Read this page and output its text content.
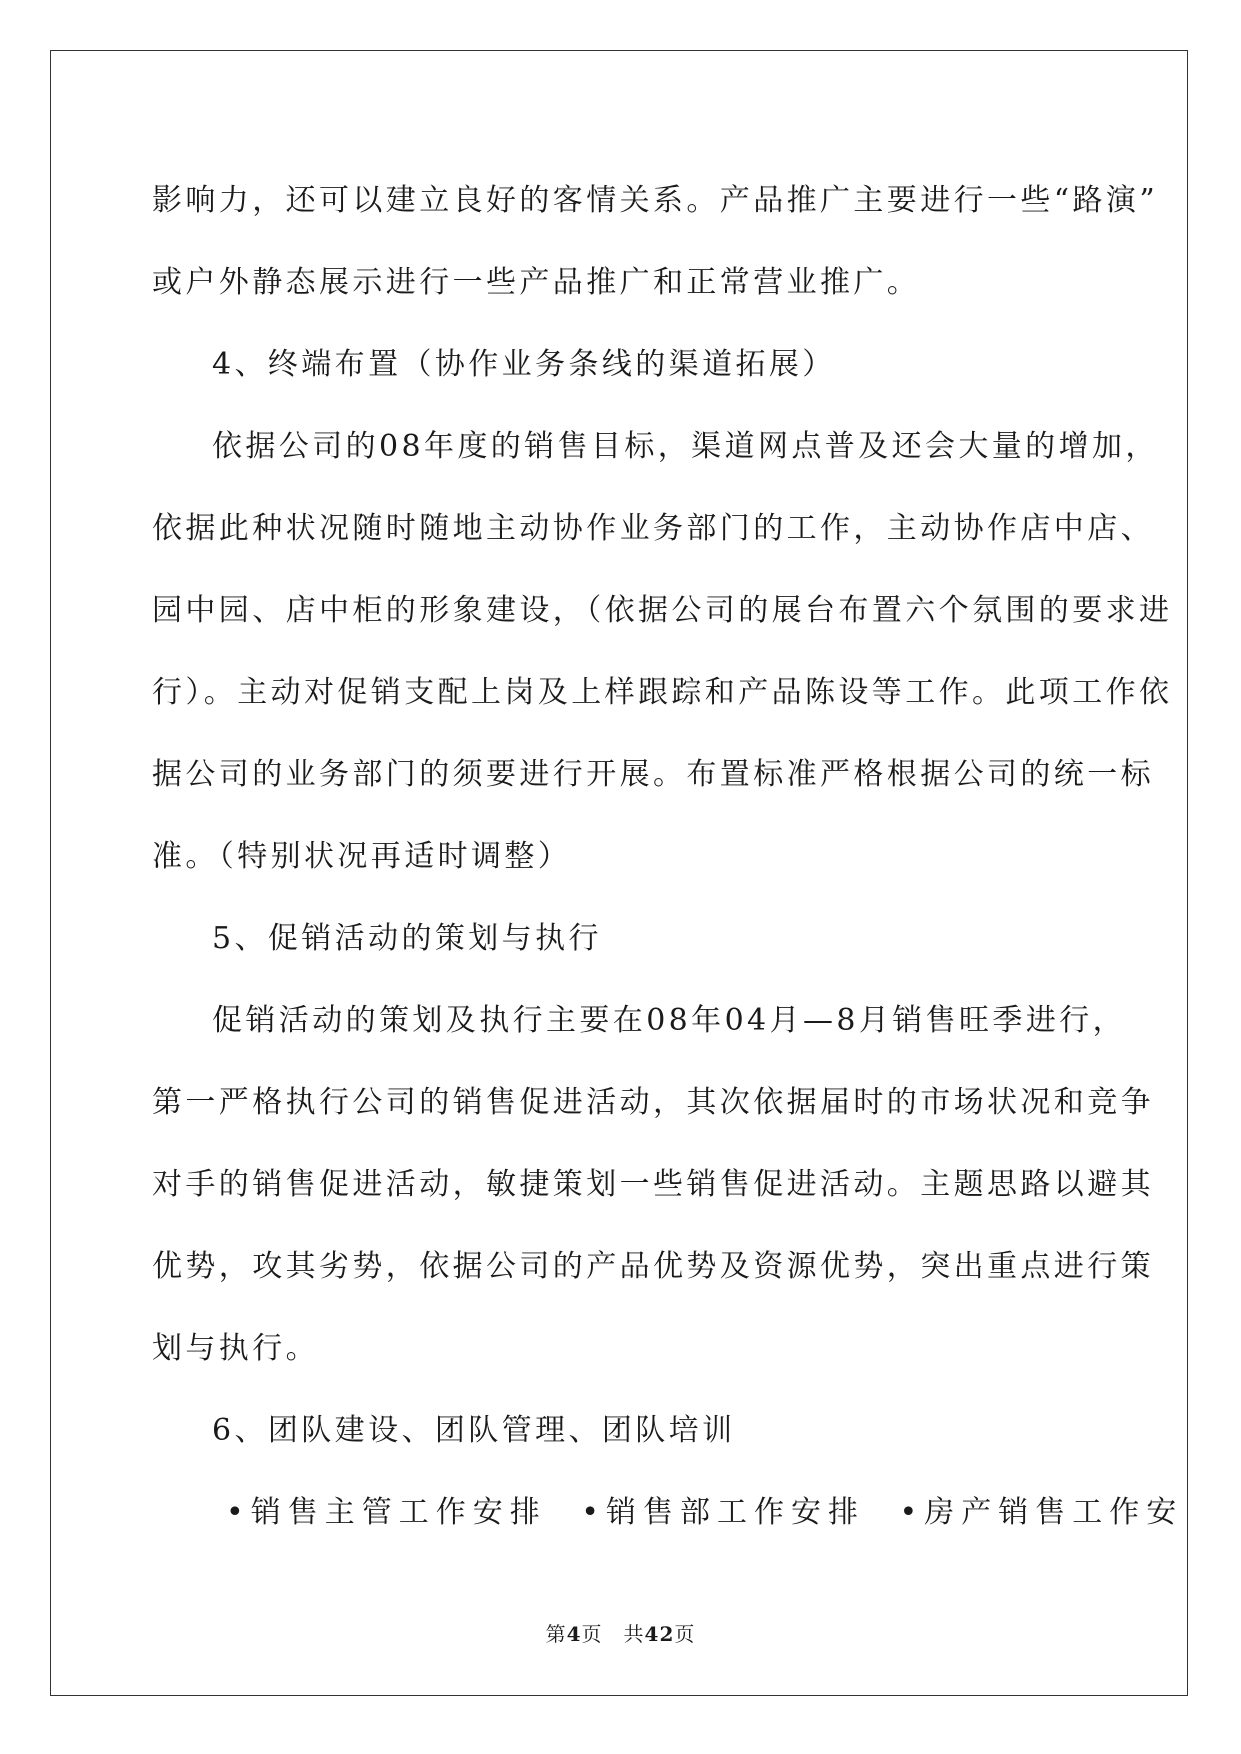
影响力，还可以建立良好的客情关系。产品推广主要进行一些“路演”
或户外静态展示进行一些产品推广和正常营业推广。
4、终端布置（协作业务条线的渠道拓展）
依据公司的08年度的销售目标，渠道网点普及还会大量的增加，
依据此种状况随时随地主动协作业务部门的工作，主动协作店中店、
园中园、店中柜的形象建设，（依据公司的展台布置六个氛围的要求进
行）。主动对促销支配上岗及上样跟踪和产品陈设等工作。此项工作依
据公司的业务部门的须要进行开展。布置标准严格根据公司的统一标
准。（特别状况再适时调整）
5、促销活动的策划与执行
促销活动的策划及执行主要在08年04月—8月销售旺季进行，
第一严格执行公司的销售促进活动，其次依据届时的市场状况和竞争
对手的销售促进活动，敏捷策划一些销售促进活动。主题思路以避其
优势，攻其劣势，依据公司的产品优势及资源优势，突出重点进行策
划与执行。
6、团队建设、团队管理、团队培训
•销售主管工作安排 •销售部工作安排 •房产销售工作安
第4页　共42页
